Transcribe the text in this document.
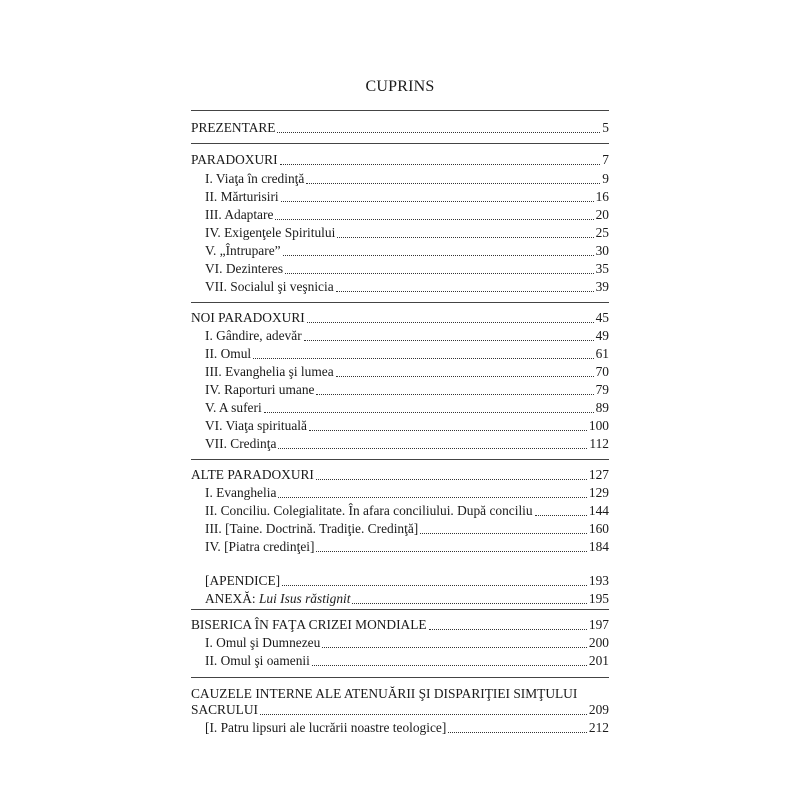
CUPRINS
PREZENTARE	5
PARADOXURI	7
I. Viaţa în credinţă	9
II. Mărturisiri	16
III. Adaptare	20
IV. Exigenţele Spiritului	25
V. „Întrupare”	30
VI. Dezinteres	35
VII. Socialul şi veşnicia	39
NOI PARADOXURI	45
I. Gândire, adevăr	49
II. Omul	61
III. Evanghelia şi lumea	70
IV. Raporturi umane	79
V. A suferi	89
VI. Viaţa spirituală	100
VII. Credinţa	112
ALTE PARADOXURI	127
I. Evanghelia	129
II. Conciliu. Colegialitate. În afara conciliului. După conciliu	144
III. [Taine. Doctrină. Tradiţie. Credinţă]	160
IV. [Piatra credinţei]	184
[APENDICE]	193
ANEXĂ: Lui Isus răstignit	195
BISERICA ÎN FAŢA CRIZEI MONDIALE	197
I. Omul şi Dumnezeu	200
II. Omul şi oamenii	201
CAUZELE INTERNE ALE ATENUĂRII ŞI DISPARIŢIEI SIMŢULUI
SACRULUI	209
[I. Patru lipsuri ale lucrării noastre teologice]	212
